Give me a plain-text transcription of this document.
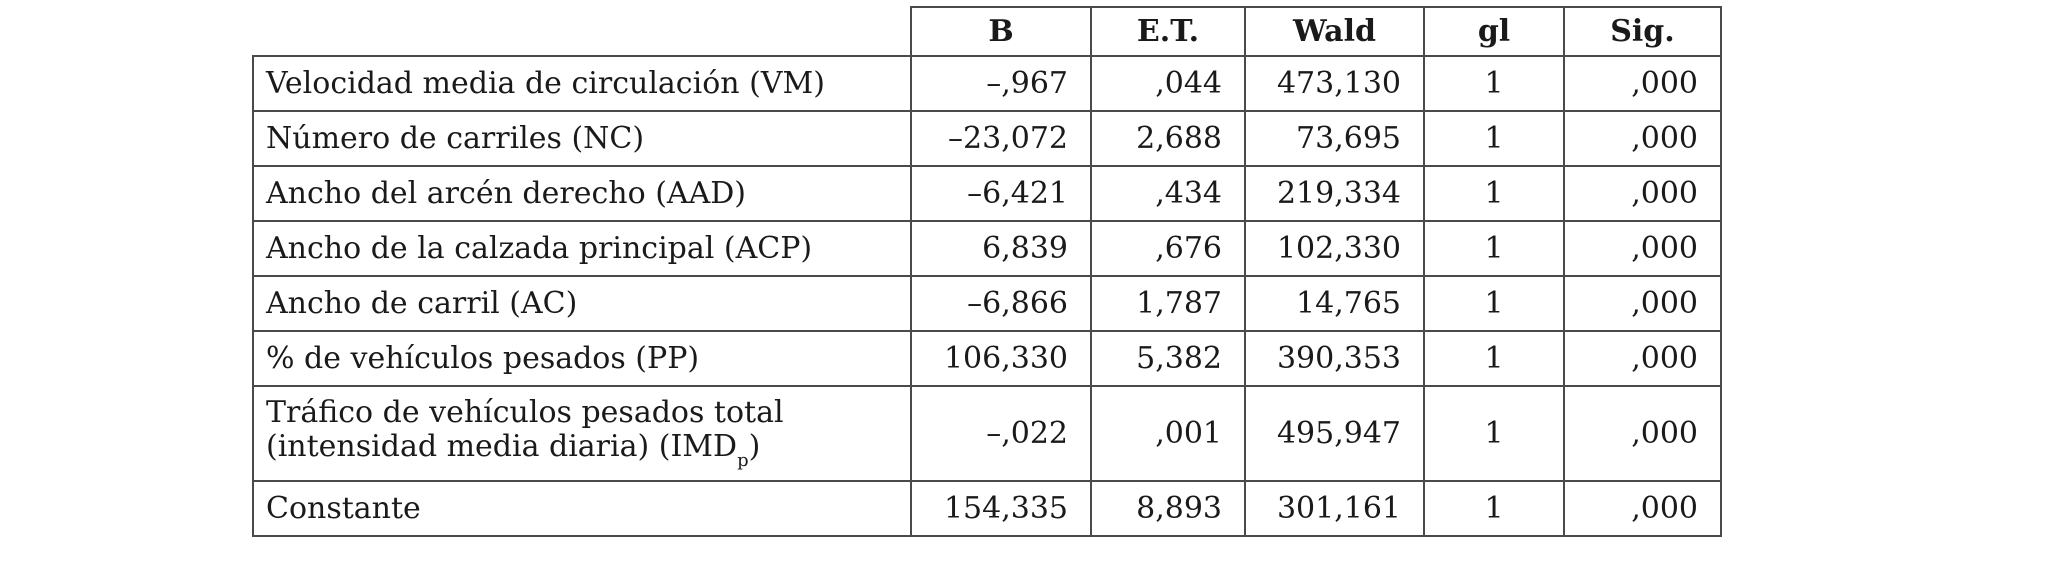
	B	E.T.	Wald	gl	Sig.
Velocidad media de circulación (VM)	–,967	,044	473,130	1	,000
Número de carriles (NC)	–23,072	2,688	73,695	1	,000
Ancho del arcén derecho (AAD)	–6,421	,434	219,334	1	,000
Ancho de la calzada principal (ACP)	6,839	,676	102,330	1	,000
Ancho de carril (AC)	–6,866	1,787	14,765	1	,000
% de vehículos pesados (PP)	106,330	5,382	390,353	1	,000
Tráfico de vehículos pesados total
(intensidad media diaria) $(IMD_p)$	–,022	,001	495,947	1	,000
Constante	154,335	8,893	301,161	1	,000
